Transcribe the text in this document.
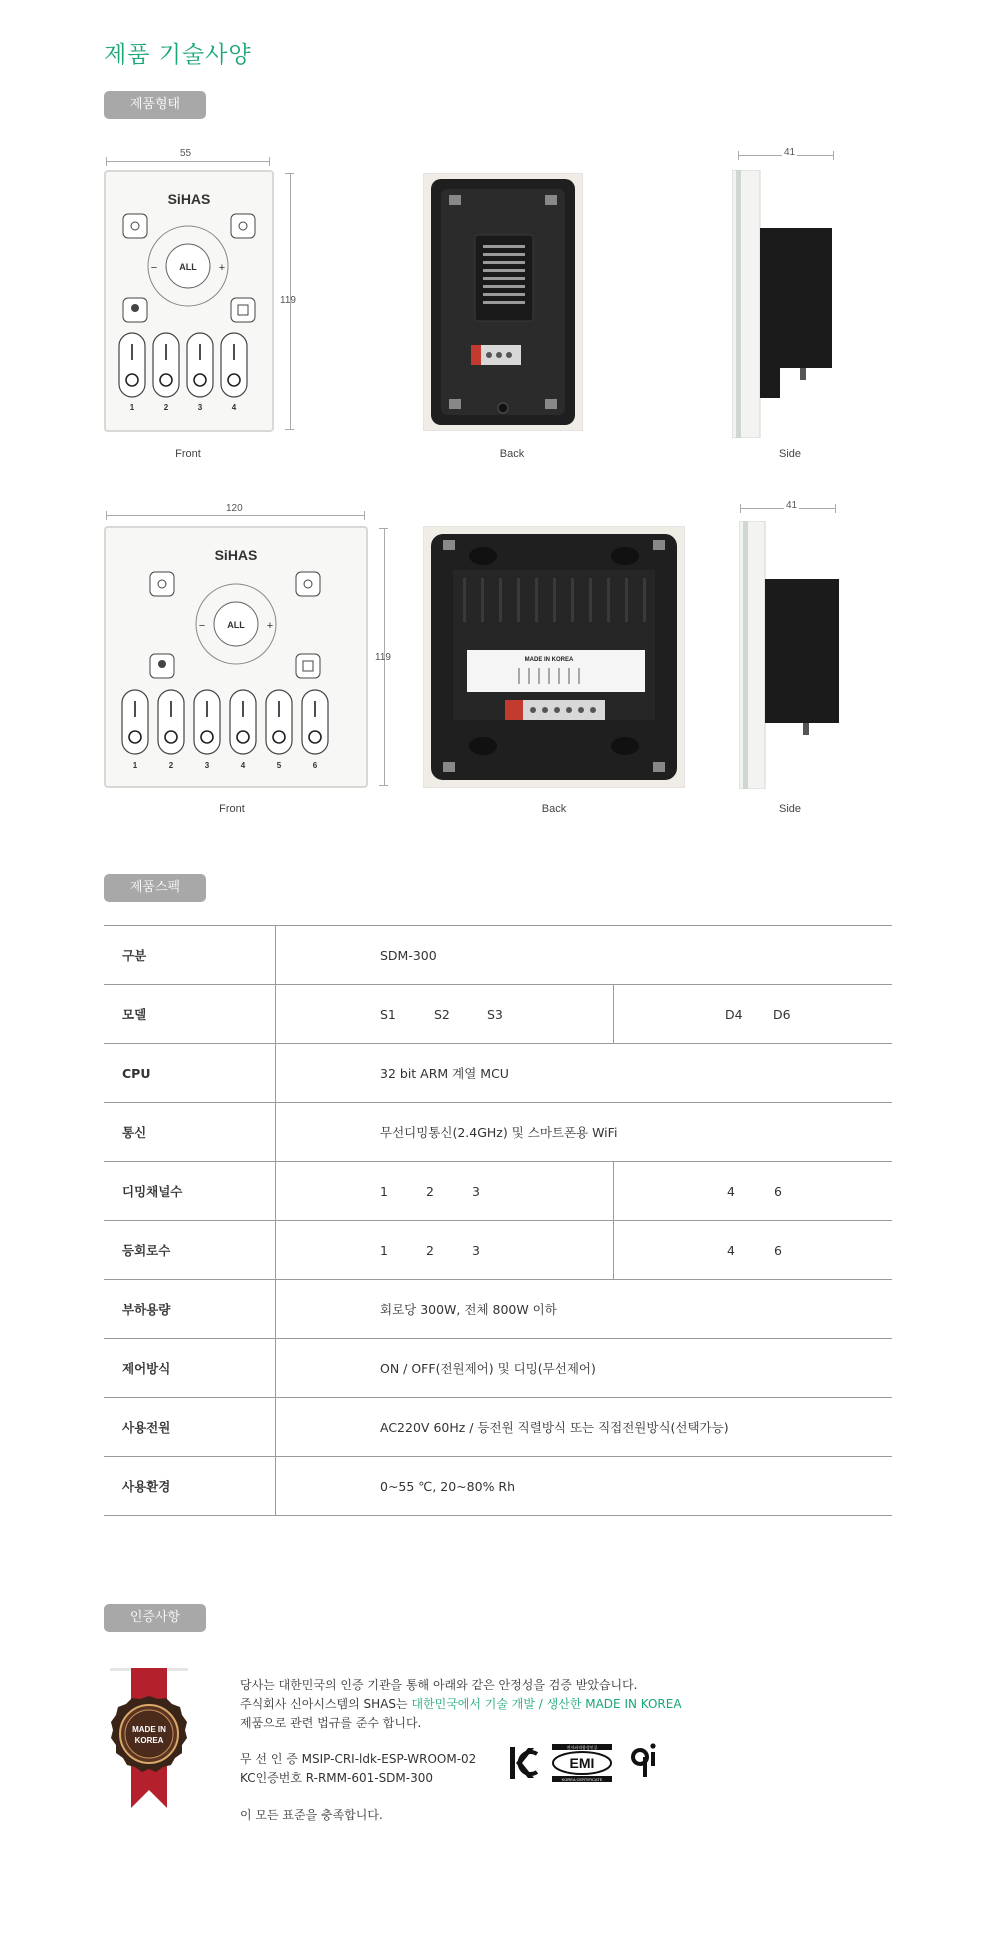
제품 기술사양
제품형태
55
119
SiHAS
ALL
−	+
1	2	3	4
Front	Back
41
Side
120
119
SiHAS
ALL
−	+
1	2	3	4	5	6
Front
MADE IN KOREA
Back
41
Side
제품스펙
구분	SDM-300
모델	S1	S2	S3	D4 D6
CPU	32 bit ARM 계열 MCU
통신	무선디밍통신(2.4GHz) 및 스마트폰용 WiFi
디밍채널수	1	2	3	4	6
등회로수	1	2	3	4	6
부하용량	회로당 300W, 전체 800W 이하
제어방식	ON / OFF(전원제어) 및 디밍(무선제어)
사용전원	AC220V 60Hz / 등전원 직렬방식 또는 직접전원방식(선택가능)
사용환경	0~55 ℃, 20~80% Rh
인증사항
MADE IN
KOREA
당사는 대한민국의 인증 기관을 통해 아래와 같은 안정성을 검증 받았습니다.
주식회사 신아시스템의 SHAS는 대한민국에서 기술 개발 / 생산한 MADE IN KOREA
제품으로 관련 법규를 준수 합니다.
무 선 인 증 MSIP-CRI-ldk-ESP-WROOM-02
KC인증번호 R-RMM-601-SDM-300
이 모든 표준을 충족합니다.
전자파적합성인증
EMI
KOREA CERTIFICATE
